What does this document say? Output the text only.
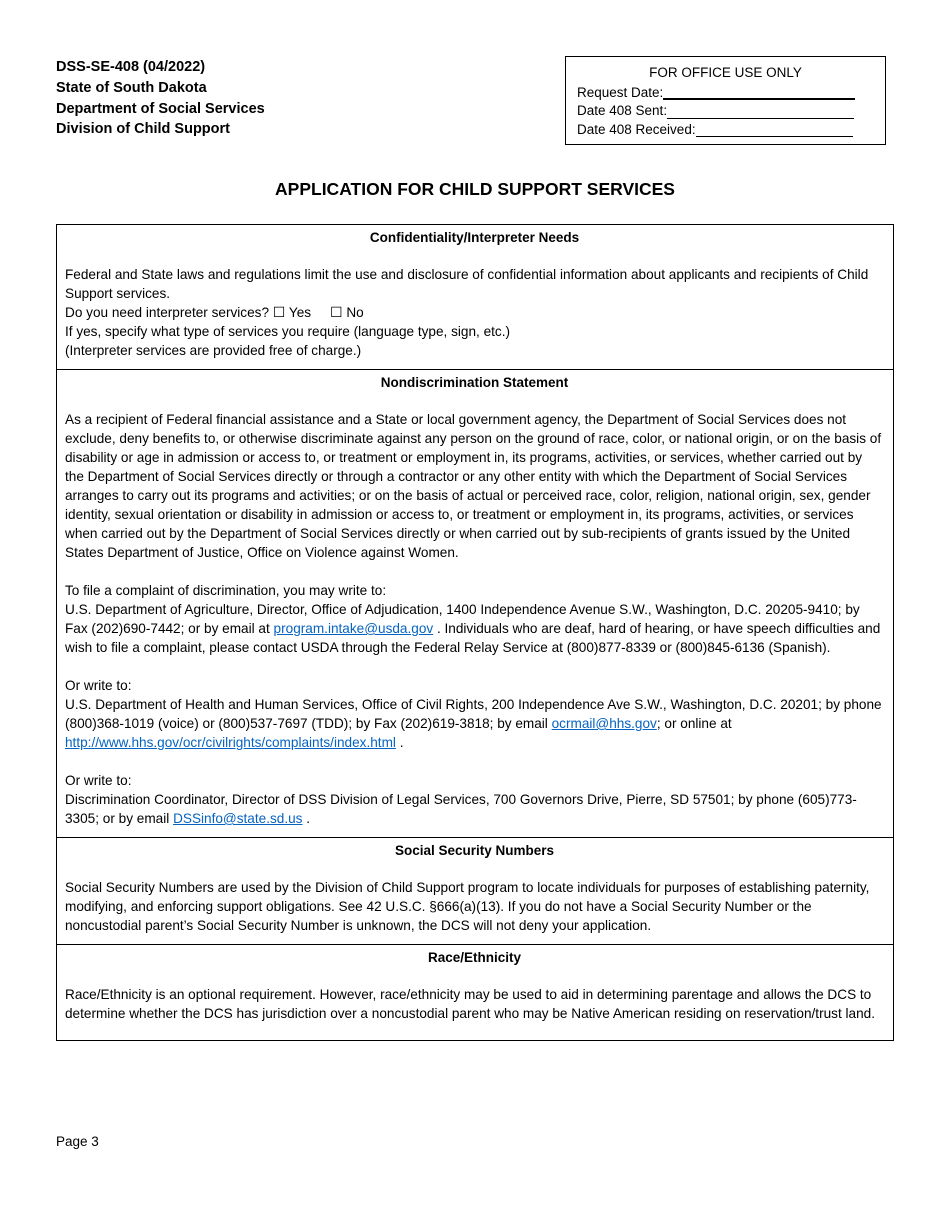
DSS-SE-408 (04/2022)
State of South Dakota
Department of Social Services
Division of Child Support
FOR OFFICE USE ONLY
Request Date:
Date 408 Sent:
Date 408 Received:
APPLICATION FOR CHILD SUPPORT SERVICES
Confidentiality/Interpreter Needs

Federal and State laws and regulations limit the use and disclosure of confidential information about applicants and recipients of Child Support services.

Do you need interpreter services? ☐ Yes ☐ No

If yes, specify what type of services you require (language type, sign, etc.)

(Interpreter services are provided free of charge.)

Nondiscrimination Statement

As a recipient of Federal financial assistance and a State or local government agency, the Department of Social Services does not exclude, deny benefits to, or otherwise discriminate against any person on the ground of race, color, or national origin, or on the basis of disability or age in admission or access to, or treatment or employment in, its programs, activities, or services, whether carried out by the Department of Social Services directly or through a contractor or any other entity with which the Department of Social Services arranges to carry out its programs and activities; or on the basis of actual or perceived race, color, religion, national origin, sex, gender identity, sexual orientation or disability in admission or access to, or treatment or employment in, its programs, activities, or services when carried out by the Department of Social Services directly or when carried out by sub-recipients of grants issued by the United States Department of Justice, Office on Violence against Women.

To file a complaint of discrimination, you may write to:

U.S. Department of Agriculture, Director, Office of Adjudication, 1400 Independence Avenue S.W., Washington, D.C. 20205-9410; by Fax (202)690-7442; or by email at program.intake@usda.gov . Individuals who are deaf, hard of hearing, or have speech difficulties and wish to file a complaint, please contact USDA through the Federal Relay Service at (800)877-8339 or (800)845-6136 (Spanish).

Or write to:

U.S. Department of Health and Human Services, Office of Civil Rights, 200 Independence Ave S.W., Washington, D.C. 20201; by phone (800)368-1019 (voice) or (800)537-7697 (TDD); by Fax (202)619-3818; by email ocrmail@hhs.gov; or online at http://www.hhs.gov/ocr/civilrights/complaints/index.html .

Or write to:

Discrimination Coordinator, Director of DSS Division of Legal Services, 700 Governors Drive, Pierre, SD 57501; by phone (605)773-3305; or by email DSSinfo@state.sd.us .

Social Security Numbers

Social Security Numbers are used by the Division of Child Support program to locate individuals for purposes of establishing paternity, modifying, and enforcing support obligations. See 42 U.S.C. §666(a)(13). If you do not have a Social Security Number or the noncustodial parent’s Social Security Number is unknown, the DCS will not deny your application.

Race/Ethnicity

Race/Ethnicity is an optional requirement. However, race/ethnicity may be used to aid in determining parentage and allows the DCS to determine whether the DCS has jurisdiction over a noncustodial parent who may be Native American residing on reservation/trust land.

Page 3
